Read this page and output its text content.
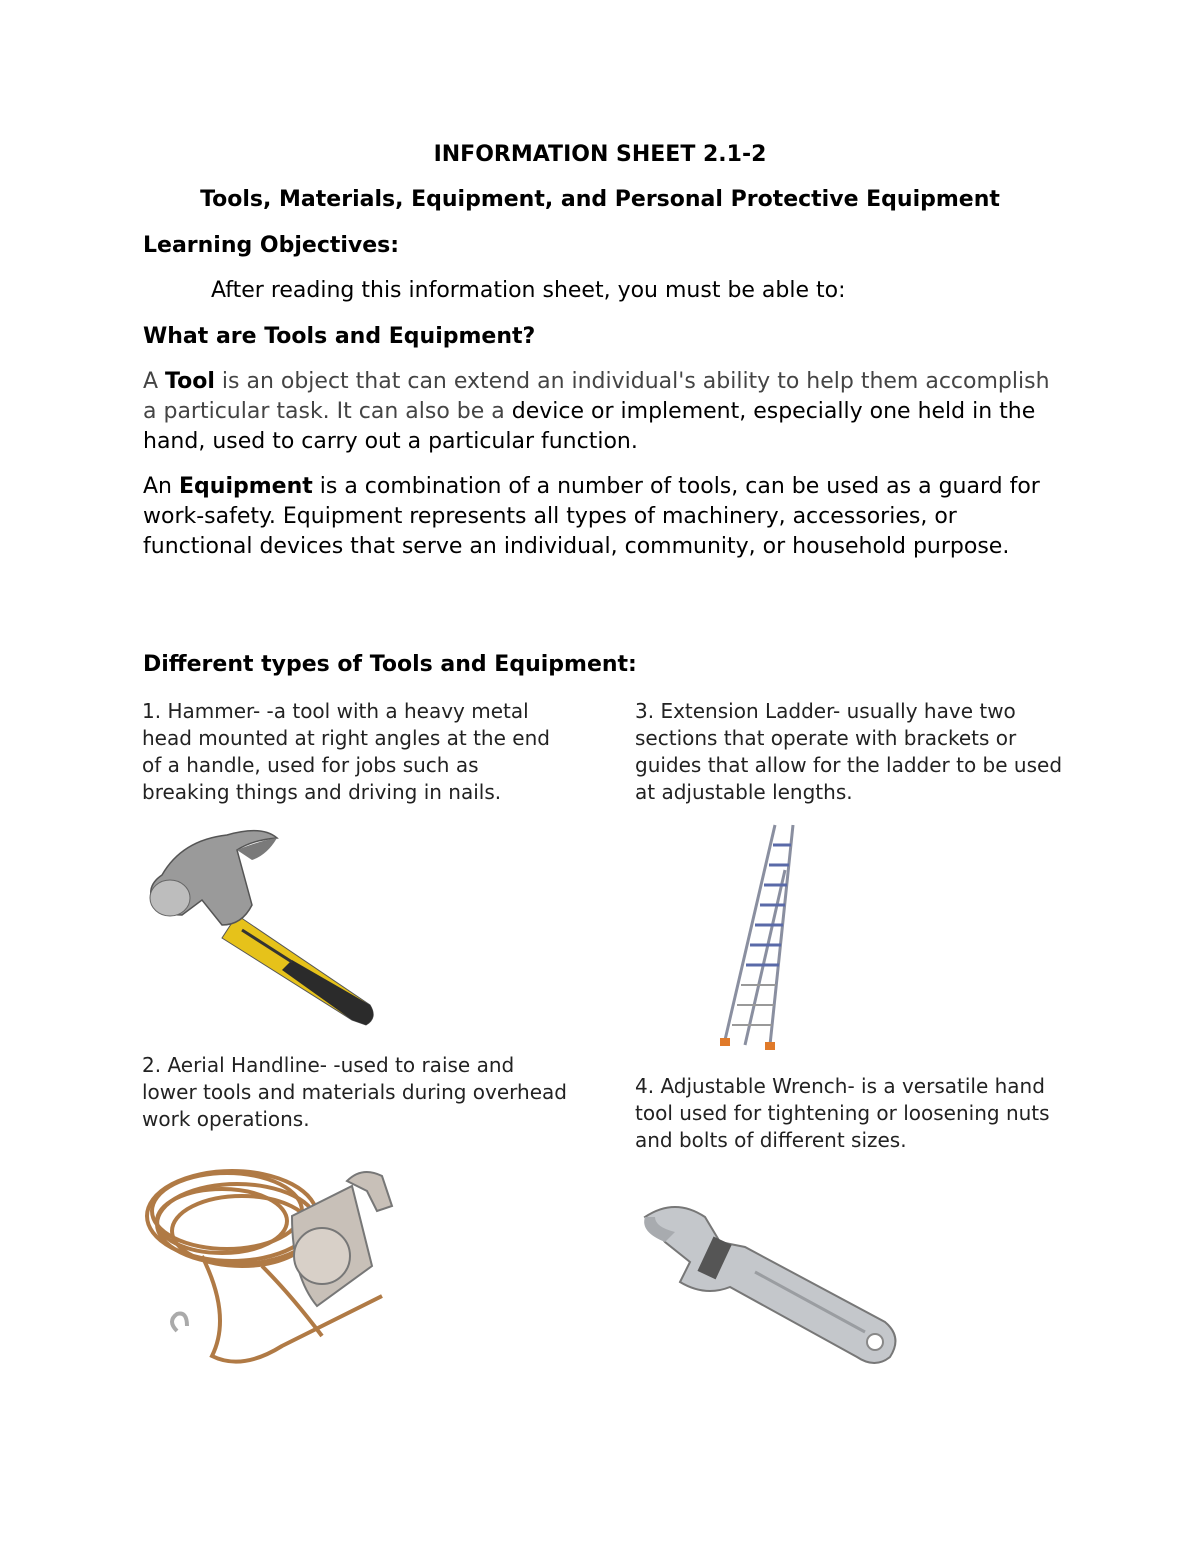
INFORMATION SHEET 2.1-2
Tools, Materials, Equipment, and Personal Protective Equipment
Learning Objectives:
After reading this information sheet, you must be able to:
What are Tools and Equipment?
A Tool is an object that can extend an individual's ability to help them accomplish a particular task. It can also be a device or implement, especially one held in the hand, used to carry out a particular function.
An Equipment is a combination of a number of tools, can be used as a guard for work-safety. Equipment represents all types of machinery, accessories, or functional devices that serve an individual, community, or household purpose.
Different types of Tools and Equipment:
1. Hammer- -a tool with a heavy metal head mounted at right angles at the end of a handle, used for jobs such as breaking things and driving in nails.
2. Aerial Handline- -used to raise and lower tools and materials during overhead work operations.
3. Extension Ladder- usually have two sections that operate with brackets or guides that allow for the ladder to be used at adjustable lengths.
4. Adjustable Wrench- is a versatile hand tool used for tightening or loosening nuts and bolts of different sizes.
